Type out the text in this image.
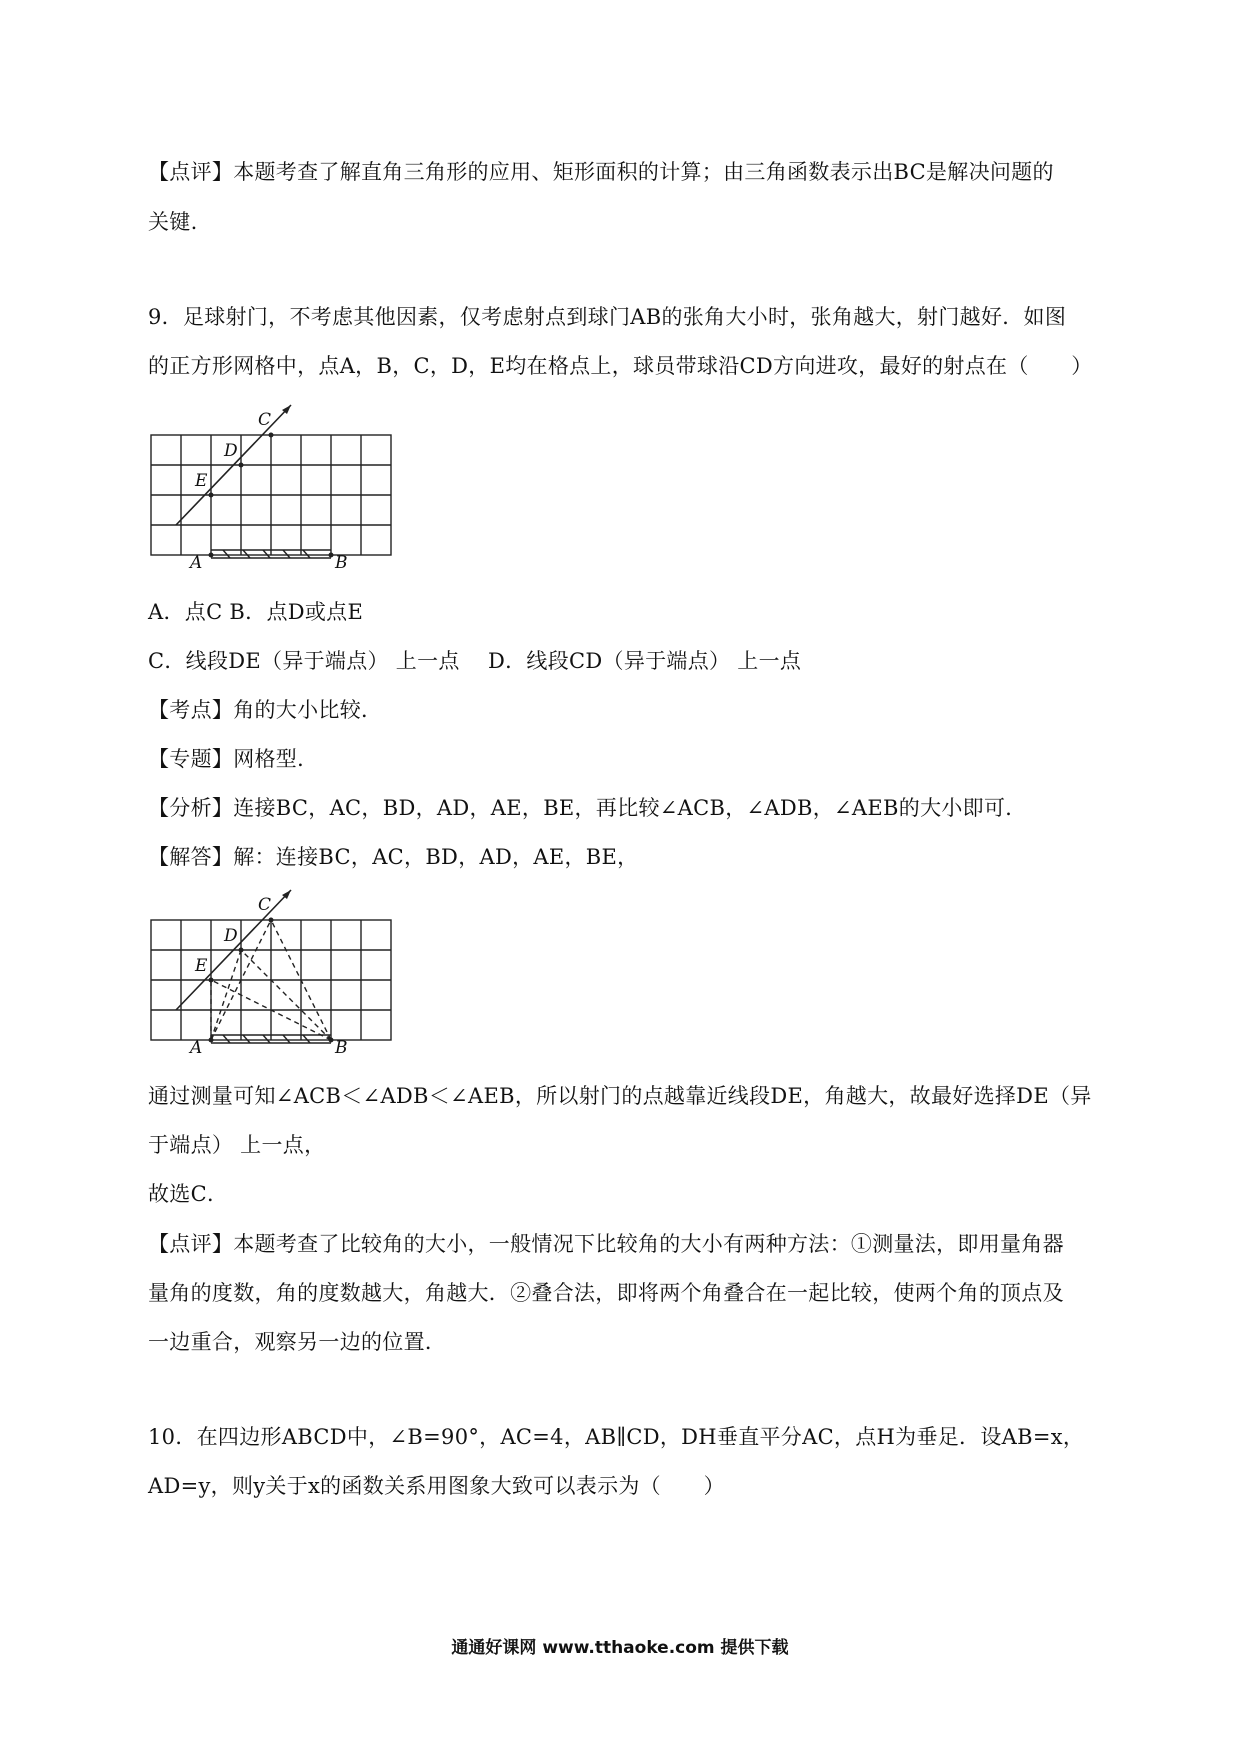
【点评】本题考查了解直角三角形的应用、矩形面积的计算；由三角函数表示出BC是解决问题的
关键.
9．足球射门，不考虑其他因素，仅考虑射点到球门AB的张角大小时，张角越大，射门越好．如图
的正方形网格中，点A，B，C，D，E均在格点上，球员带球沿CD方向进攻，最好的射点在（　　）
C
D
E
A	B
A．点C B．点D或点E
C．线段DE（异于端点） 上一点　 D．线段CD（异于端点） 上一点
【考点】角的大小比较．
【专题】网格型．
【分析】连接BC，AC，BD，AD，AE，BE，再比较∠ACB，∠ADB，∠AEB的大小即可．
【解答】解：连接BC，AC，BD，AD，AE，BE，
C
D
E
A	B
通过测量可知∠ACB＜∠ADB＜∠AEB，所以射门的点越靠近线段DE，角越大，故最好选择DE（异
于端点） 上一点，
故选C．
【点评】本题考查了比较角的大小，一般情况下比较角的大小有两种方法：①测量法，即用量角器
量角的度数，角的度数越大，角越大．②叠合法，即将两个角叠合在一起比较，使两个角的顶点及
一边重合，观察另一边的位置．
10．在四边形ABCD中，∠B=90°，AC=4，AB∥CD，DH垂直平分AC，点H为垂足．设AB=x，
AD=y，则y关于x的函数关系用图象大致可以表示为（　　）
通通好课网 www.tthaoke.com 提供下载
